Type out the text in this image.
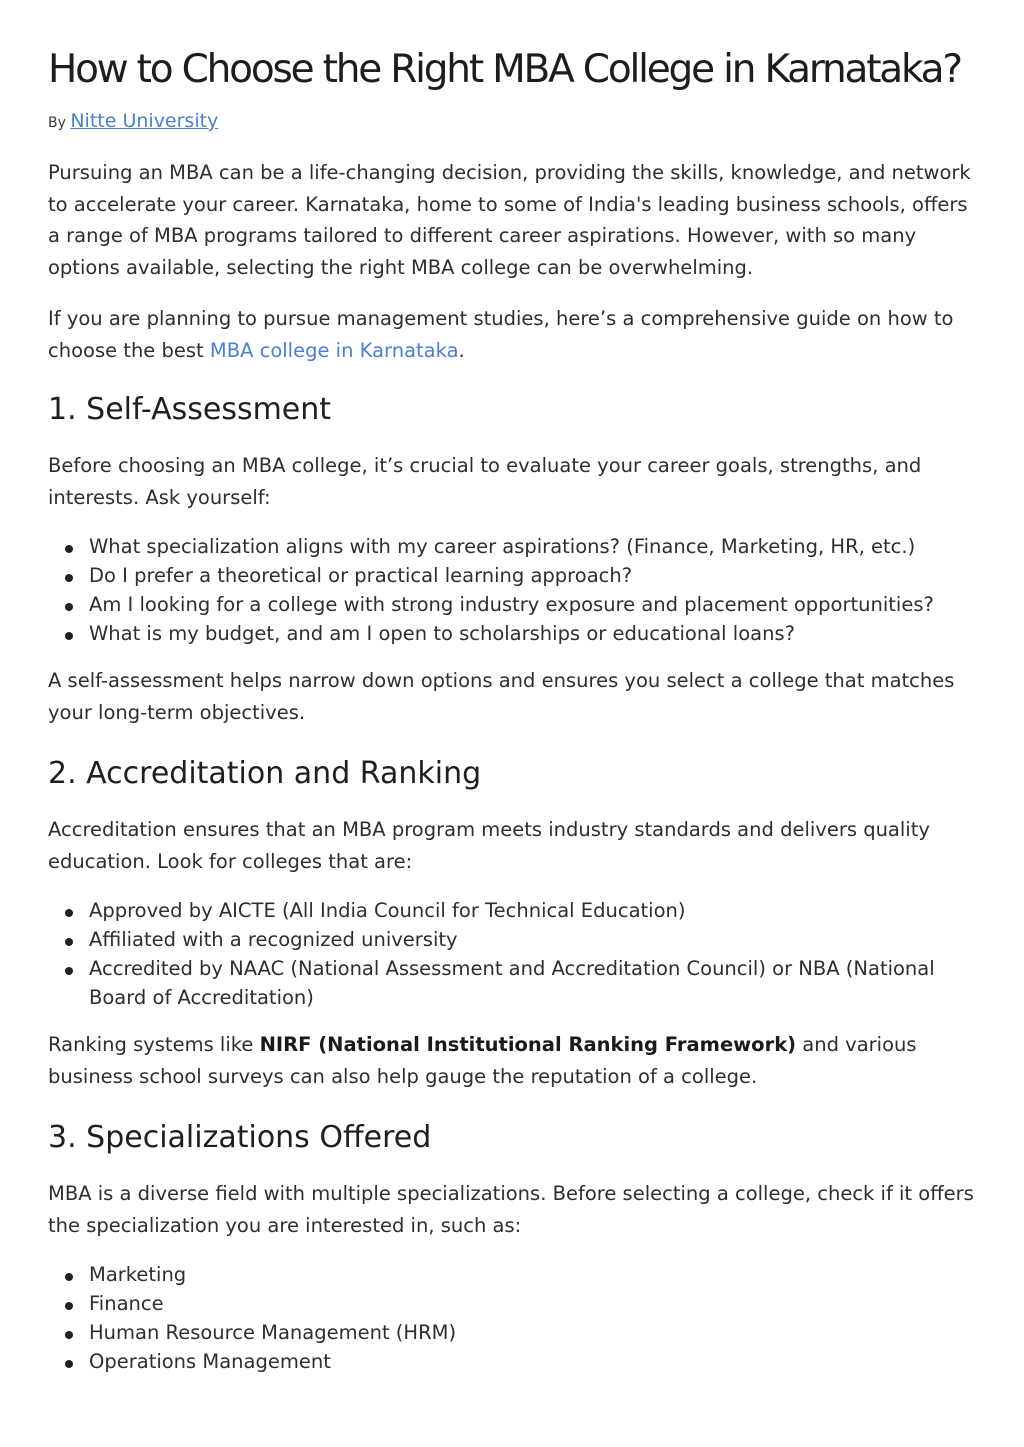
How to Choose the Right MBA College in Karnataka?
By Nitte University

Pursuing an MBA can be a life-changing decision, providing the skills, knowledge, and network to accelerate your career. Karnataka, home to some of India's leading business schools, offers a range of MBA programs tailored to different career aspirations. However, with so many options available, selecting the right MBA college can be overwhelming.

If you are planning to pursue management studies, here’s a comprehensive guide on how to choose the best MBA college in Karnataka.

1. Self-Assessment

Before choosing an MBA college, it’s crucial to evaluate your career goals, strengths, and interests. Ask yourself:

What specialization aligns with my career aspirations? (Finance, Marketing, HR, etc.)
Do I prefer a theoretical or practical learning approach?
Am I looking for a college with strong industry exposure and placement opportunities?
What is my budget, and am I open to scholarships or educational loans?

A self-assessment helps narrow down options and ensures you select a college that matches your long-term objectives.

2. Accreditation and Ranking

Accreditation ensures that an MBA program meets industry standards and delivers quality education. Look for colleges that are:

Approved by AICTE (All India Council for Technical Education)
Affiliated with a recognized university
Accredited by NAAC (National Assessment and Accreditation Council) or NBA (National Board of Accreditation)

Ranking systems like NIRF (National Institutional Ranking Framework) and various business school surveys can also help gauge the reputation of a college.

3. Specializations Offered

MBA is a diverse field with multiple specializations. Before selecting a college, check if it offers the specialization you are interested in, such as:

Marketing
Finance
Human Resource Management (HRM)
Operations Management
